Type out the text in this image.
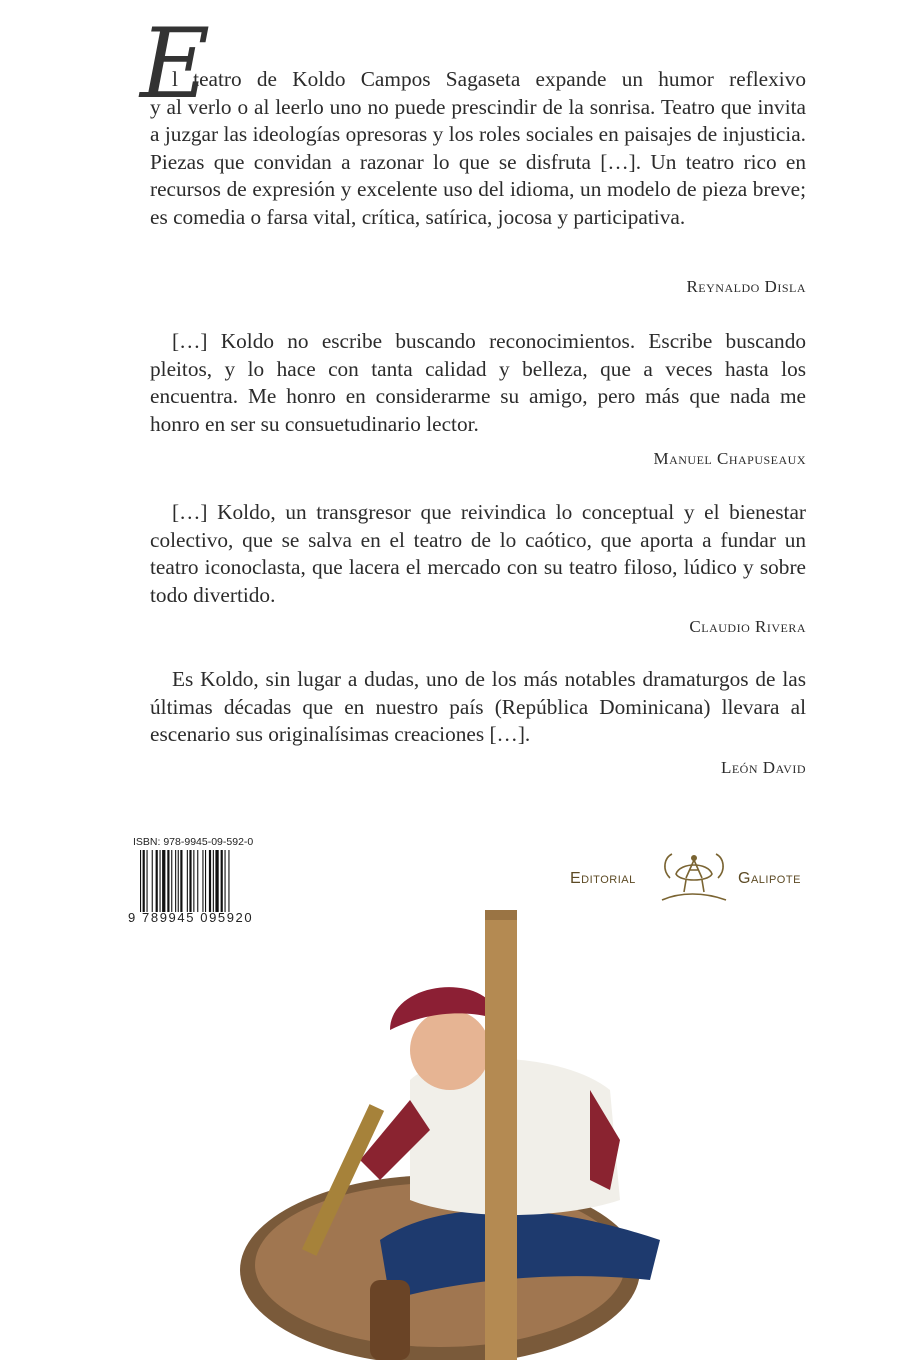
E

l teatro de Koldo Campos Sagaseta expande un humor reflexivo

y al verlo o al leerlo uno no puede prescindir de la sonrisa. Teatro que invita a juzgar las ideologías opresoras y los roles sociales en paisajes de injusticia. Piezas que convidan a razonar lo que se disfruta […]. Un teatro rico en recursos de expresión y excelente uso del idioma, un modelo de pieza breve; es comedia o farsa vital, crítica, satírica, jocosa y participativa.

Reynaldo Disla

[…] Koldo no escribe buscando reconocimientos. Escribe buscando pleitos, y lo hace con tanta calidad y belleza, que a veces hasta los encuentra. Me honro en considerarme su amigo, pero más que nada me honro en ser su consuetudinario lector.

Manuel Chapuseaux

[…] Koldo, un transgresor que reivindica lo conceptual y el bienestar colectivo, que se salva en el teatro de lo caótico, que aporta a fundar un teatro iconoclasta, que lacera el mercado con su teatro filoso, lúdico y sobre todo divertido.

Claudio Rivera

Es Koldo, sin lugar a dudas, uno de los más notables dramaturgos de las últimas décadas que en nuestro país (República Dominicana) llevara al escenario sus originalísimas creaciones […].

León David

ISBN: 978-9945-09-592-0
9 789945 095920
Editorial	Galipote
